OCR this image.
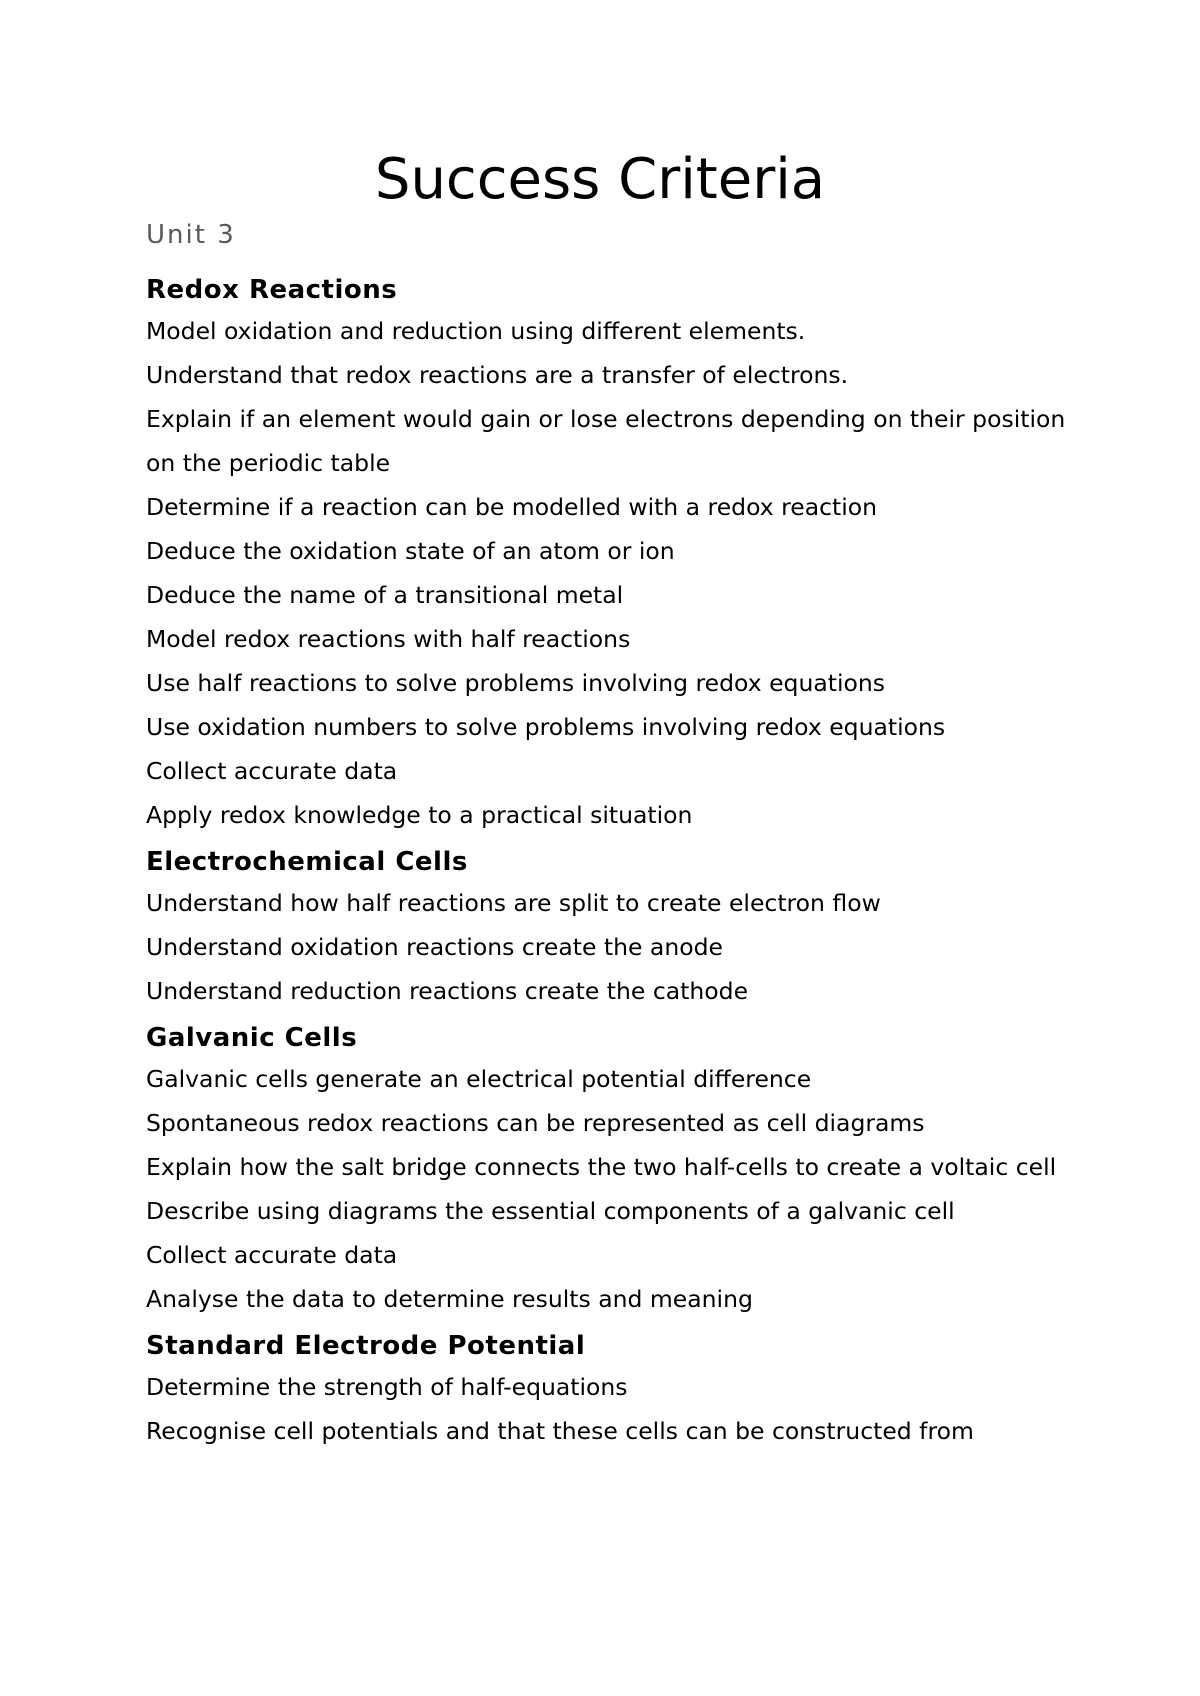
Success Criteria
Unit 3
Redox Reactions

Model oxidation and reduction using different elements.

Understand that redox reactions are a transfer of electrons.

Explain if an element would gain or lose electrons depending on their position

on the periodic table

Determine if a reaction can be modelled with a redox reaction

Deduce the oxidation state of an atom or ion

Deduce the name of a transitional metal

Model redox reactions with half reactions

Use half reactions to solve problems involving redox equations

Use oxidation numbers to solve problems involving redox equations

Collect accurate data

Apply redox knowledge to a practical situation

Electrochemical Cells

Understand how half reactions are split to create electron flow

Understand oxidation reactions create the anode

Understand reduction reactions create the cathode

Galvanic Cells

Galvanic cells generate an electrical potential difference

Spontaneous redox reactions can be represented as cell diagrams

Explain how the salt bridge connects the two half-cells to create a voltaic cell

Describe using diagrams the essential components of a galvanic cell

Collect accurate data

Analyse the data to determine results and meaning

Standard Electrode Potential

Determine the strength of half-equations

Recognise cell potentials and that these cells can be constructed from
